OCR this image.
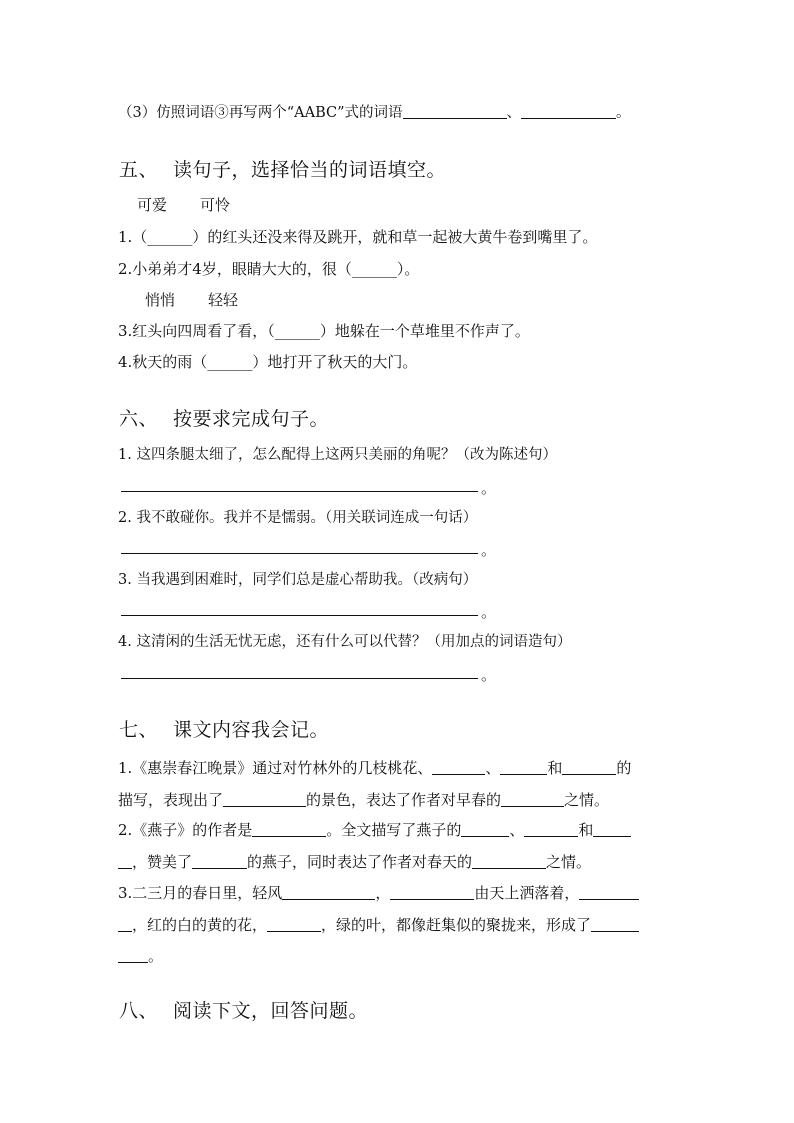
（3）仿照词语③再写两个“AABC”式的词语	、	。
五、 读句子，选择恰当的词语填空。
可爱 可怜
1.（______）的红头还没来得及跳开，就和草一起被大黄牛卷到嘴里了。
2.小弟弟才4岁，眼睛大大的，很（______）。
悄悄 轻轻
3.红头向四周看了看，（______）地躲在一个草堆里不作声了。
4.秋天的雨（______）地打开了秋天的大门。
六、 按要求完成句子。
1. 这四条腿太细了，怎么配得上这两只美丽的角呢？（改为陈述句）
。
2. 我不敢碰你。我并不是懦弱。（用关联词连成一句话）
。
3. 当我遇到困难时，同学们总是虚心帮助我。（改病句）
。
4. 这清闲的生活无忧无虑，还有什么可以代替？（用加点的词语造句）
。
七、 课文内容我会记。
1.《惠崇春江晚景》通过对竹林外的几枝桃花、	、	和	的
描写，表现出了	的景色，表达了作者对早春的	之情。
2.《燕子》的作者是	。全文描写了燕子的	、	和
，赞美了	的燕子，同时表达了作者对春天的	之情。
3.二三月的春日里，轻风	，	由天上洒落着，
，红的白的黄的花，	，绿的叶，都像赶集似的聚拢来，形成了
。
八、 阅读下文，回答问题。
